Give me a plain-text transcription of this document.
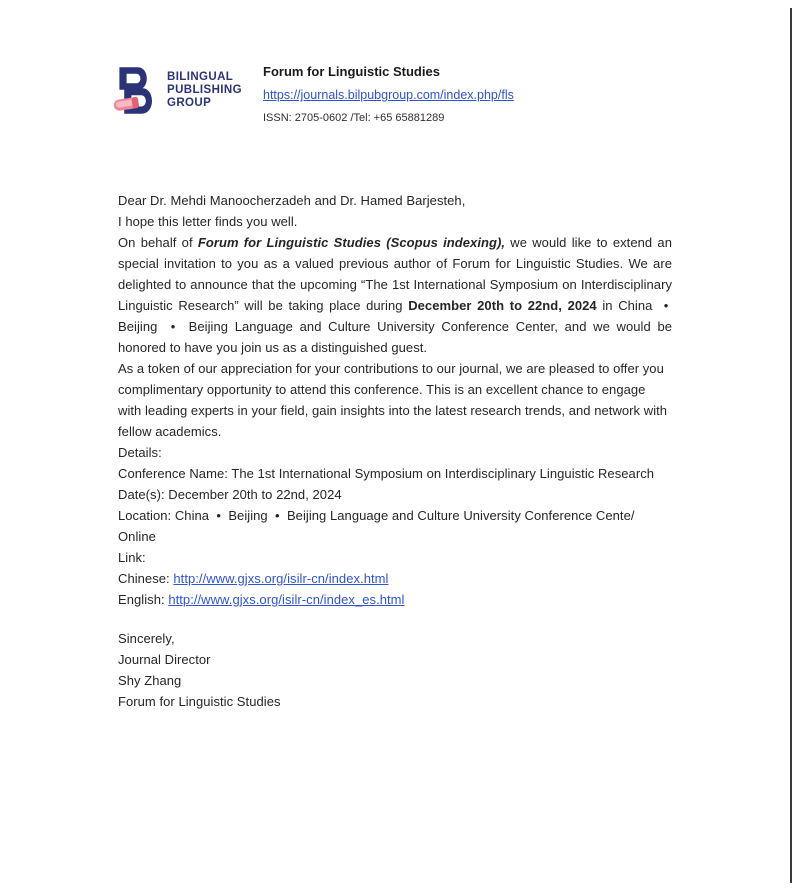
BILINGUAL
PUBLISHING
GROUP
Forum for Linguistic Studies
https://journals.bilpubgroup.com/index.php/fls
ISSN: 2705-0602 /Tel: +65 65881289

Dear Dr. Mehdi Manoocherzadeh and Dr. Hamed Barjesteh,

I hope this letter finds you well.

On behalf of Forum for Linguistic Studies (Scopus indexing), we would like to extend an special invitation to you as a valued previous author of Forum for Linguistic Studies. We are delighted to announce that the upcoming “The 1st International Symposium on Interdisciplinary Linguistic Research” will be taking place during December 20th to 22nd, 2024 in China  •  Beijing  •  Beijing Language and Culture University Conference Center, and we would be honored to have you join us as a distinguished guest.

As a token of our appreciation for your contributions to our journal, we are pleased to offer you complimentary opportunity to attend this conference. This is an excellent chance to engage with leading experts in your field, gain insights into the latest research trends, and network with fellow academics.

Details:

Conference Name: The 1st International Symposium on Interdisciplinary Linguistic Research

Date(s): December 20th to 22nd, 2024

Location: China  •  Beijing  •  Beijing Language and Culture University Conference Cente/ Online

Link:

Chinese: http://www.gjxs.org/isilr-cn/index.html

English: http://www.gjxs.org/isilr-cn/index_es.html

Sincerely,

Journal Director

Shy Zhang

Forum for Linguistic Studies
